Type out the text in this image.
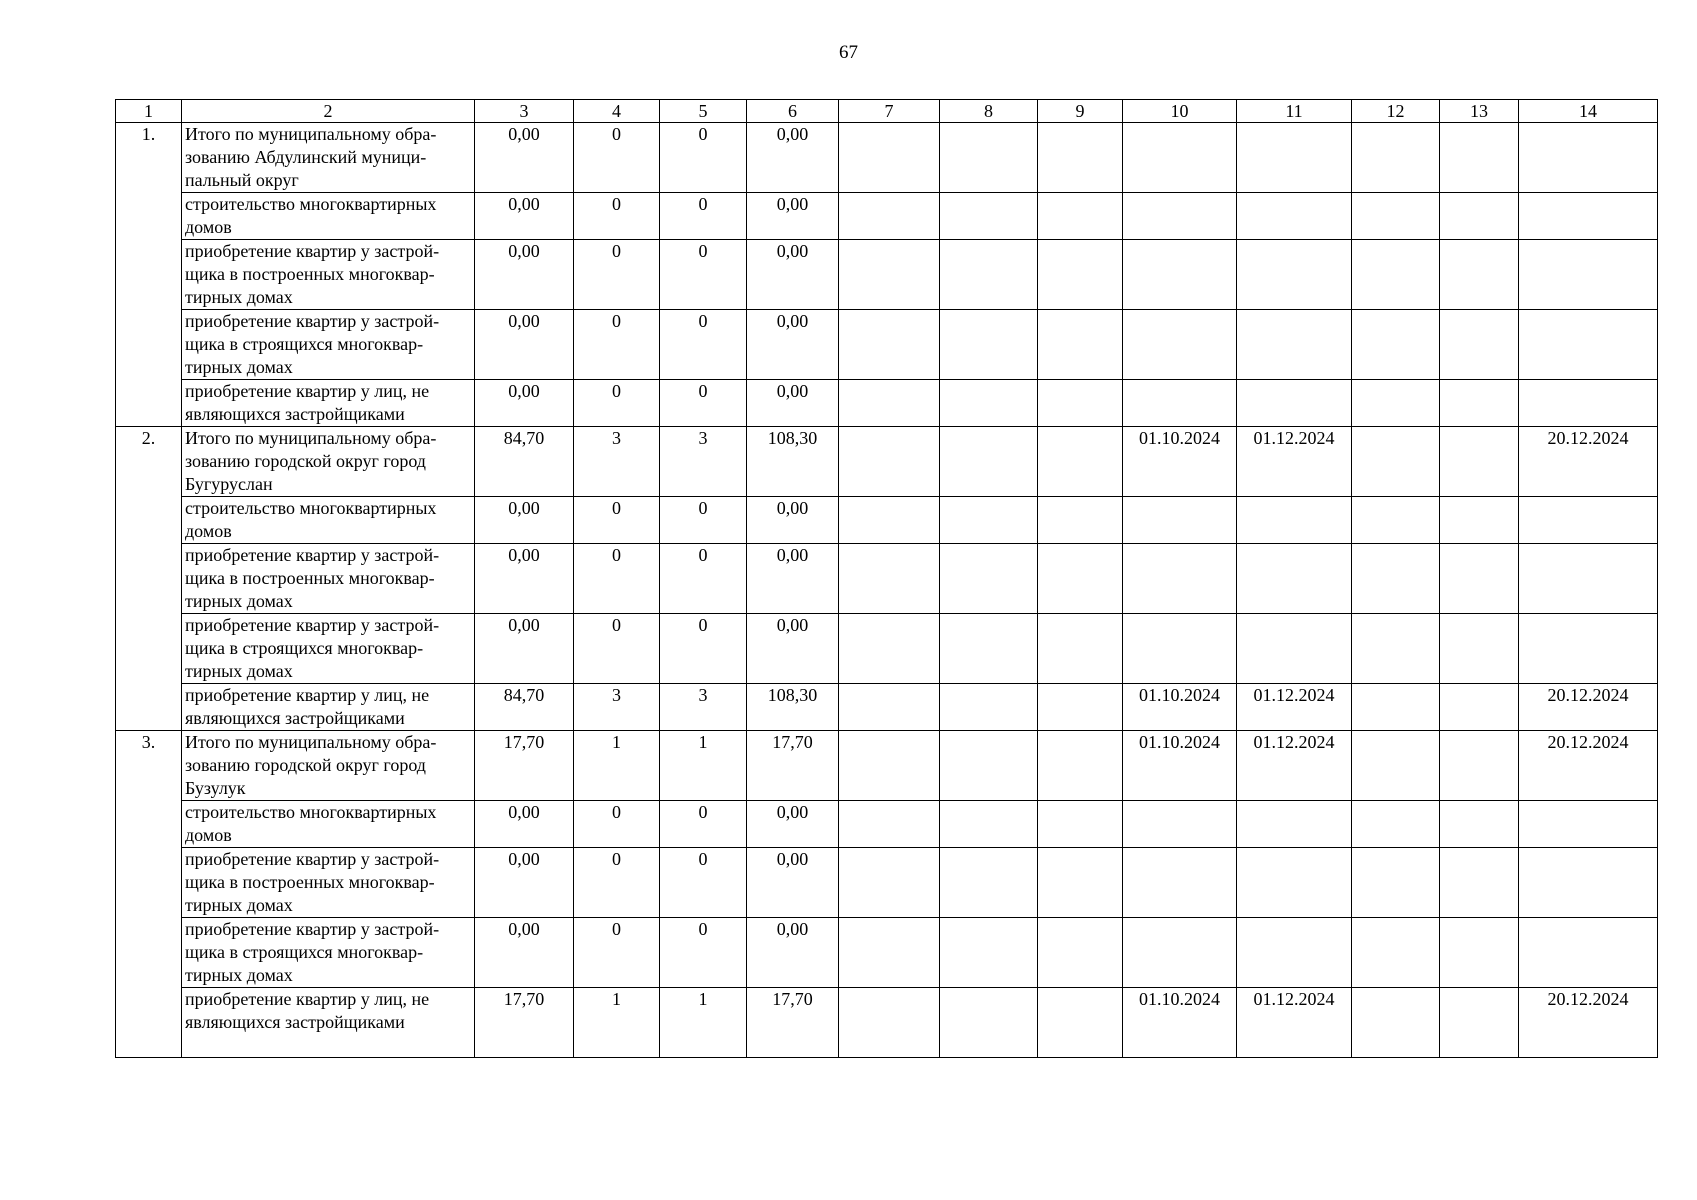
67
1	2	3	4	5	6	7	8	9	10	11	12	13	14
1.	Итого по муниципальному обра-зованию Абдулинский муници-пальный округ	0,00	0	0	0,00								
	строительство многоквартирных домов	0,00	0	0	0,00								
	приобретение квартир у застрой-щика в построенных многоквар-тирных домах	0,00	0	0	0,00								
	приобретение квартир у застрой-щика в строящихся многоквар-тирных домах	0,00	0	0	0,00								
	приобретение квартир у лиц, не являющихся застройщиками	0,00	0	0	0,00								
2.	Итого по муниципальному обра-зованию городской округ город Бугуруслан	84,70	3	3	108,30				01.10.2024	01.12.2024			20.12.2024
	строительство многоквартирных домов	0,00	0	0	0,00								
	приобретение квартир у застрой-щика в построенных многоквар-тирных домах	0,00	0	0	0,00								
	приобретение квартир у застрой-щика в строящихся многоквар-тирных домах	0,00	0	0	0,00								
	приобретение квартир у лиц, не являющихся застройщиками	84,70	3	3	108,30				01.10.2024	01.12.2024			20.12.2024
3.	Итого по муниципальному обра-зованию городской округ город Бузулук	17,70	1	1	17,70				01.10.2024	01.12.2024			20.12.2024
	строительство многоквартирных домов	0,00	0	0	0,00								
	приобретение квартир у застрой-щика в построенных многоквар-тирных домах	0,00	0	0	0,00								
	приобретение квартир у застрой-щика в строящихся многоквар-тирных домах	0,00	0	0	0,00								
	приобретение квартир у лиц, не являющихся застройщиками	17,70	1	1	17,70				01.10.2024	01.12.2024			20.12.2024
